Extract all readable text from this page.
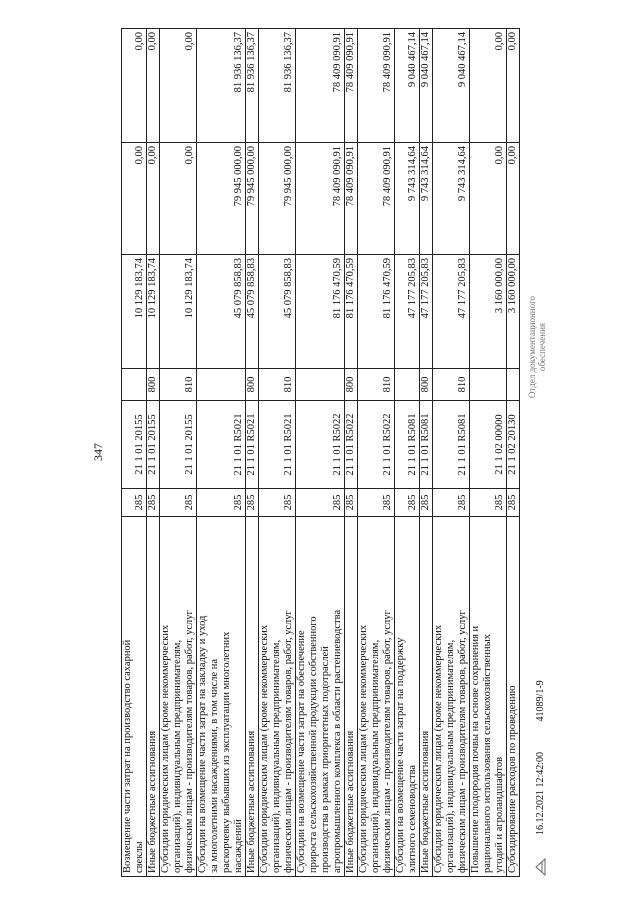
347
Возмещение части затрат на производство сахарной
свеклы	285	21 1 01 20155		10 129 183,74	0,00	0,00
Иные бюджетные ассигнования	285	21 1 01 20155	800	10 129 183,74	0,00	0,00
Субсидии юридическим лицам (кроме некоммерческих
организаций), индивидуальным предпринимателям,
физическим лицам - производителям товаров, работ, услуг	285	21 1 01 20155	810	10 129 183,74	0,00	0,00
Субсидии на возмещение части затрат на закладку и уход
за многолетними насаждениями, в том числе на
раскорчевку выбывших из эксплуатации многолетних
насаждений	285	21 1 01 R5021		45 079 858,83	79 945 000,00	81 936 136,37
Иные бюджетные ассигнования	285	21 1 01 R5021	800	45 079 858,83	79 945 000,00	81 936 136,37
Субсидии юридическим лицам (кроме некоммерческих
организаций), индивидуальным предпринимателям,
физическим лицам - производителям товаров, работ, услуг	285	21 1 01 R5021	810	45 079 858,83	79 945 000,00	81 936 136,37
Субсидии на возмещение части затрат на обеспечение
прироста сельскохозяйственной продукции собственного
производства в рамках приоритетных подотраслей
агропромышленного комплекса в области растениеводства	285	21 1 01 R5022		81 176 470,59	78 409 090,91	78 409 090,91
Иные бюджетные ассигнования	285	21 1 01 R5022	800	81 176 470,59	78 409 090,91	78 409 090,91
Субсидии юридическим лицам (кроме некоммерческих
организаций), индивидуальным предпринимателям,
физическим лицам - производителям товаров, работ, услуг	285	21 1 01 R5022	810	81 176 470,59	78 409 090,91	78 409 090,91
Субсидии на возмещение части затрат на поддержку
элитного семеноводства	285	21 1 01 R5081		47 177 205,83	9 743 314,64	9 040 467,14
Иные бюджетные ассигнования	285	21 1 01 R5081	800	47 177 205,83	9 743 314,64	9 040 467,14
Субсидии юридическим лицам (кроме некоммерческих
организаций), индивидуальным предпринимателям,
физическим лицам - производителям товаров, работ, услуг	285	21 1 01 R5081	810	47 177 205,83	9 743 314,64	9 040 467,14
Повышение плодородия почвы на основе сохранения и
рационального использования сельскохозяйственных
угодий и агроландшафтов	285	21 1 02 00000		3 160 000,00	0,00	0,00
Субсидирование расходов по проведению	285	21 1 02 20130		3 160 000,00	0,00	0,00
16.12.2021 12:42:00 41089/1-9
Отдел документационного обеспечения
